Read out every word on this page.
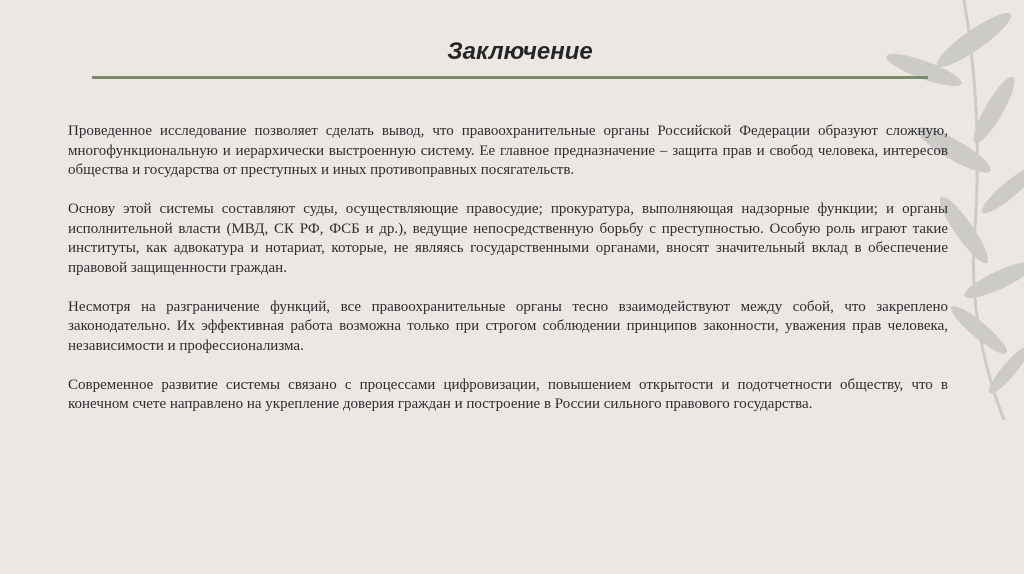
Заключение

Проведенное исследование позволяет сделать вывод, что правоохранительные органы Российской Федерации образуют сложную, многофункциональную и иерархически выстроенную систему. Ее главное предназначение – защита прав и свобод человека, интересов общества и государства от преступных и иных противоправных посягательств.

Основу этой системы составляют суды, осуществляющие правосудие; прокуратура, выполняющая надзорные функции; и органы исполнительной власти (МВД, СК РФ, ФСБ и др.), ведущие непосредственную борьбу с преступностью. Особую роль играют такие институты, как адвокатура и нотариат, которые, не являясь государственными органами, вносят значительный вклад в обеспечение правовой защищенности граждан.

Несмотря на разграничение функций, все правоохранительные органы тесно взаимодействуют между собой, что закреплено законодательно. Их эффективная работа возможна только при строгом соблюдении принципов законности, уважения прав человека, независимости и профессионализма.

Современное развитие системы связано с процессами цифровизации, повышением открытости и подотчетности обществу, что в конечном счете направлено на укрепление доверия граждан и построение в России сильного правового государства.
